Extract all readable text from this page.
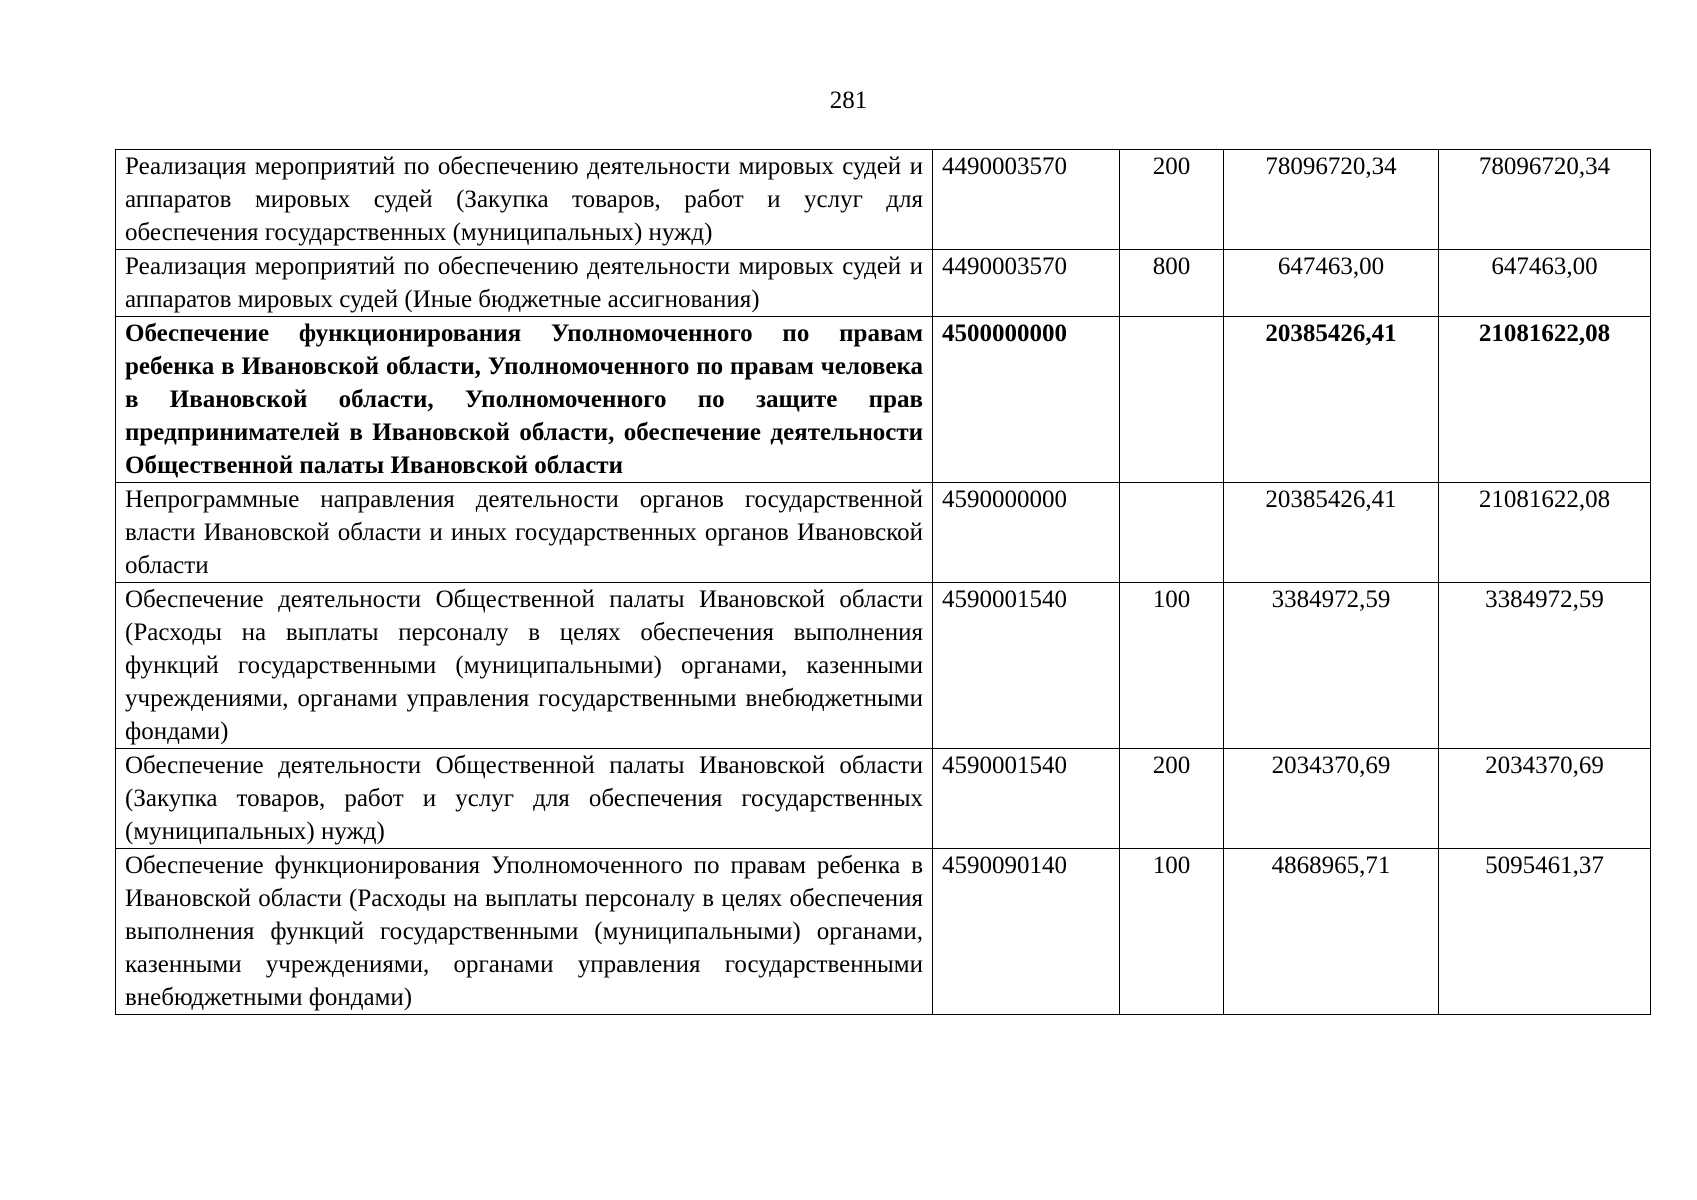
281
Реализация мероприятий по обеспечению деятельности мировых судей и аппаратов мировых судей (Закупка товаров, работ и услуг для обеспечения государственных (муниципальных) нужд)	4490003570	200	78096720,34	78096720,34
Реализация мероприятий по обеспечению деятельности мировых судей и аппаратов мировых судей (Иные бюджетные ассигнования)	4490003570	800	647463,00	647463,00
Обеспечение функционирования Уполномоченного по правам ребенка в Ивановской области, Уполномоченного по правам человека в Ивановской области, Уполномоченного по защите прав предпринимателей в Ивановской области, обеспечение деятельности Общественной палаты Ивановской области	4500000000		20385426,41	21081622,08
Непрограммные направления деятельности органов государственной власти Ивановской области и иных государственных органов Ивановской области	4590000000		20385426,41	21081622,08
Обеспечение деятельности Общественной палаты Ивановской области (Расходы на выплаты персоналу в целях обеспечения выполнения функций государственными (муниципальными) органами, казенными учреждениями, органами управления государственными внебюджетными фондами)	4590001540	100	3384972,59	3384972,59
Обеспечение деятельности Общественной палаты Ивановской области (Закупка товаров, работ и услуг для обеспечения государственных (муниципальных) нужд)	4590001540	200	2034370,69	2034370,69
Обеспечение функционирования Уполномоченного по правам ребенка в Ивановской области (Расходы на выплаты персоналу в целях обеспечения выполнения функций государственными (муниципальными) органами, казенными учреждениями, органами управления государственными внебюджетными фондами)	4590090140	100	4868965,71	5095461,37
